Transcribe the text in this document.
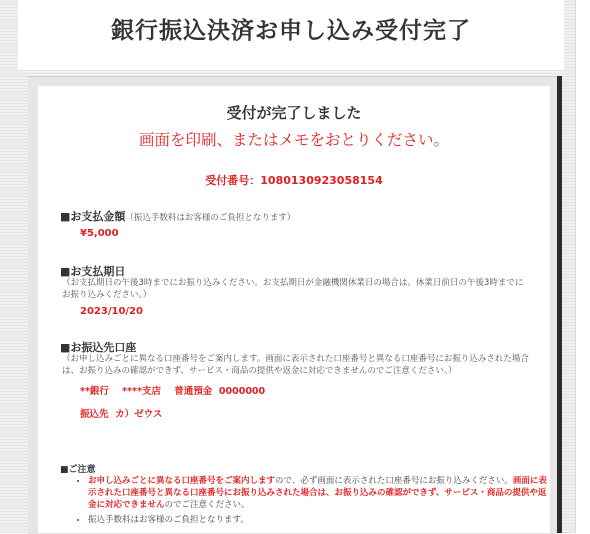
銀行振込決済お申し込み受付完了
受付が完了しました
画面を印刷、またはメモをおとりください。
受付番号：1080130923058154
■お支払金額（振込手数料はお客様のご負担となります）
¥5,000
■お支払期日
（お支払期日の午後3時までにお振り込みください。お支払期日が金融機関休業日の場合は、休業日前日の午後3時までにお振り込みください。）
2023/10/20
■お振込先口座
（お申し込みごとに異なる口座番号をご案内します。画面に表示された口座番号と異なる口座番号にお振り込みされた場合は、お振り込みの確認ができず、サービス・商品の提供や返金に対応できませんのでご注意ください。）
**銀行    ****支店    普通預金  0000000
振込先  カ）ゼウス
■ご注意
• お申し込みごとに異なる口座番号をご案内しますので、必ず画面に表示された口座番号にお振り込みください。画面に表示された口座番号と異なる口座番号にお振り込みされた場合は、お振り込みの確認ができず、サービス・商品の提供や返金に対応できませんのでご注意ください。
• 振込手数料はお客様のご負担となります。
